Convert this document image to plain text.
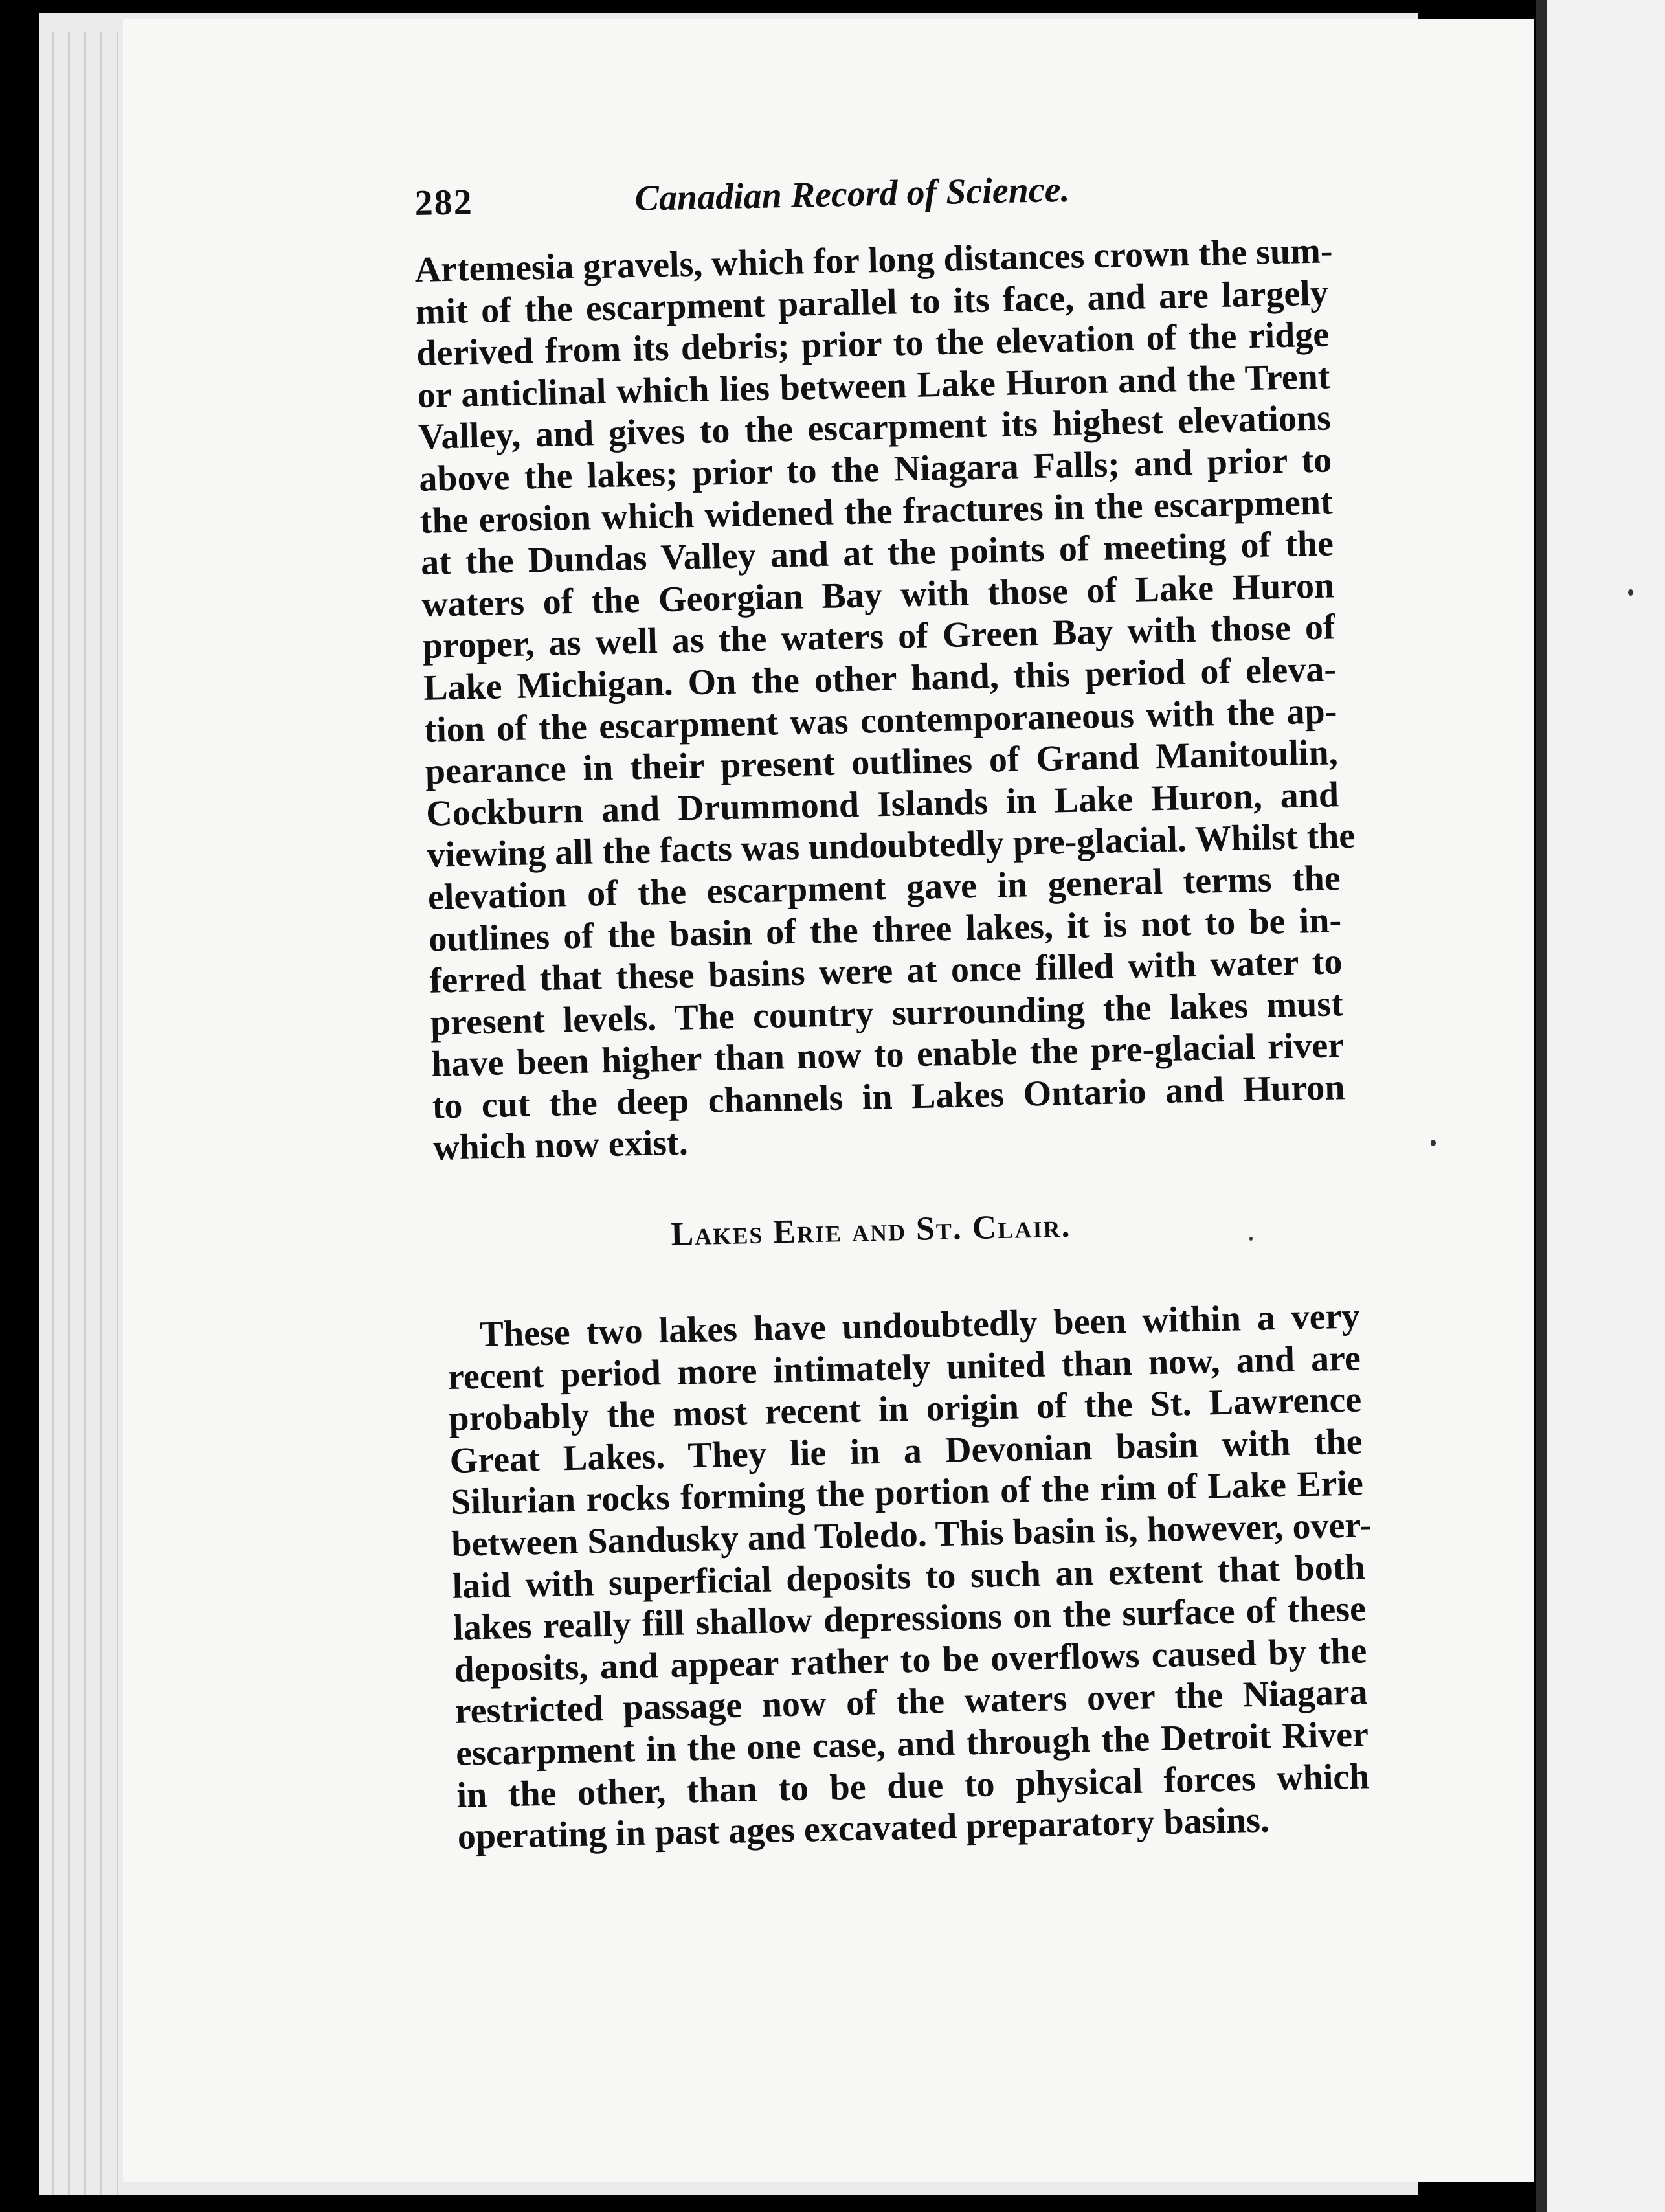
282	Canadian Record of Science.
Artemesia gravels, which for long distances crown the sum-
mit of the escarpment parallel to its face, and are largely
derived from its debris; prior to the elevation of the ridge
or anticlinal which lies between Lake Huron and the Trent
Valley, and gives to the escarpment its highest elevations
above the lakes; prior to the Niagara Falls; and prior to
the erosion which widened the fractures in the escarpment
at the Dundas Valley and at the points of meeting of the
waters of the Georgian Bay with those of Lake Huron
proper, as well as the waters of Green Bay with those of
Lake Michigan. On the other hand, this period of eleva-
tion of the escarpment was contemporaneous with the ap-
pearance in their present outlines of Grand Manitoulin,
Cockburn and Drummond Islands in Lake Huron, and
viewing all the facts was undoubtedly pre-glacial. Whilst the
elevation of the escarpment gave in general terms the
outlines of the basin of the three lakes, it is not to be in-
ferred that these basins were at once filled with water to
present levels. The country surrounding the lakes must
have been higher than now to enable the pre-glacial river
to cut the deep channels in Lakes Ontario and Huron
which now exist.
Lakes Erie and St. Clair.
These two lakes have undoubtedly been within a very
recent period more intimately united than now, and are
probably the most recent in origin of the St. Lawrence
Great Lakes. They lie in a Devonian basin with the
Silurian rocks forming the portion of the rim of Lake Erie
between Sandusky and Toledo. This basin is, however, over-
laid with superficial deposits to such an extent that both
lakes really fill shallow depressions on the surface of these
deposits, and appear rather to be overflows caused by the
restricted passage now of the waters over the Niagara
escarpment in the one case, and through the Detroit River
in the other, than to be due to physical forces which
operating in past ages excavated preparatory basins.
